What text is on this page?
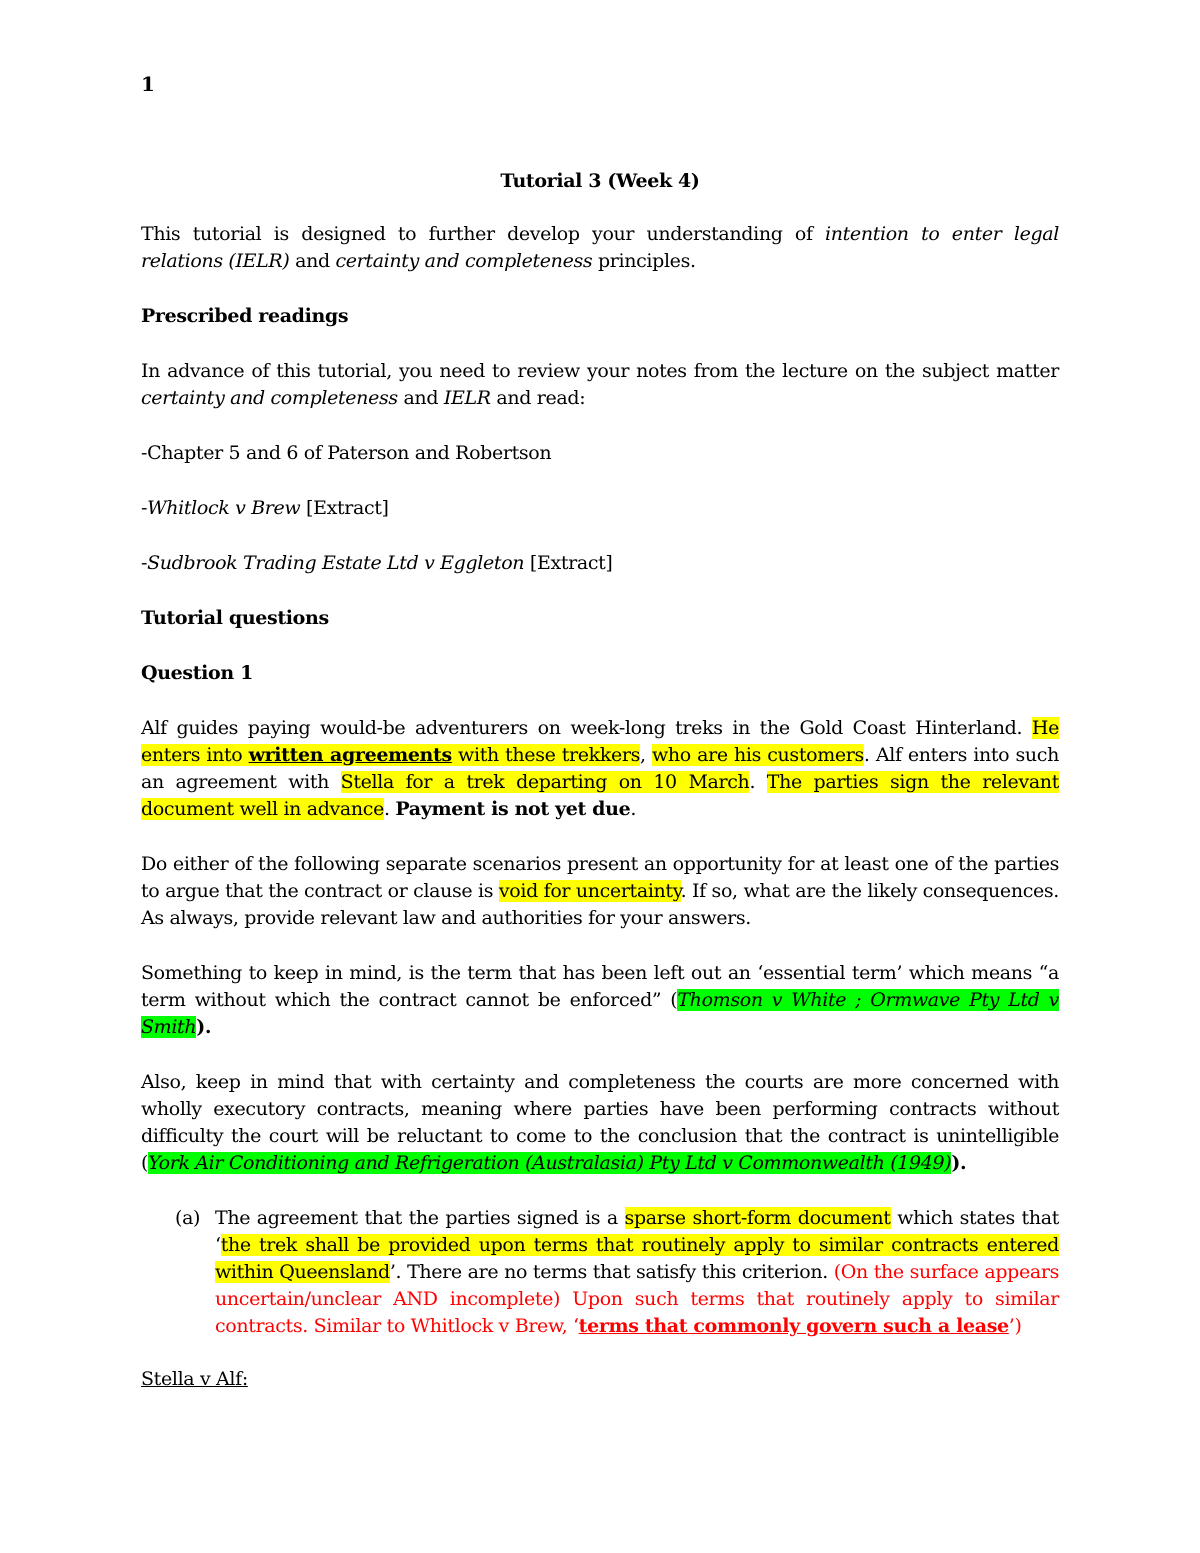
1

Tutorial 3 (Week 4)

This tutorial is designed to further develop your understanding of intention to enter legal relations (IELR) and certainty and completeness principles.

Prescribed readings

In advance of this tutorial, you need to review your notes from the lecture on the subject matter certainty and completeness and IELR and read:

-Chapter 5 and 6 of Paterson and Robertson

-Whitlock v Brew [Extract]

-Sudbrook Trading Estate Ltd v Eggleton [Extract]

Tutorial questions

Question 1

Alf guides paying would-be adventurers on week-long treks in the Gold Coast Hinterland. He enters into written agreements with these trekkers, who are his customers. Alf enters into such an agreement with Stella for a trek departing on 10 March. The parties sign the relevant document well in advance. Payment is not yet due.

Do either of the following separate scenarios present an opportunity for at least one of the parties to argue that the contract or clause is void for uncertainty. If so, what are the likely consequences. As always, provide relevant law and authorities for your answers.

Something to keep in mind, is the term that has been left out an ‘essential term’ which means “a term without which the contract cannot be enforced” (Thomson v White ; Ormwave Pty Ltd v Smith).

Also, keep in mind that with certainty and completeness the courts are more concerned with wholly executory contracts, meaning where parties have been performing contracts without difficulty the court will be reluctant to come to the conclusion that the contract is unintelligible (York Air Conditioning and Refrigeration (Australasia) Pty Ltd v Commonwealth (1949)).

(a) The agreement that the parties signed is a sparse short-form document which states that ‘the trek shall be provided upon terms that routinely apply to similar contracts entered within Queensland’. There are no terms that satisfy this criterion. (On the surface appears uncertain/unclear AND incomplete) Upon such terms that routinely apply to similar contracts. Similar to Whitlock v Brew, ‘terms that commonly govern such a lease’)

Stella v Alf:
